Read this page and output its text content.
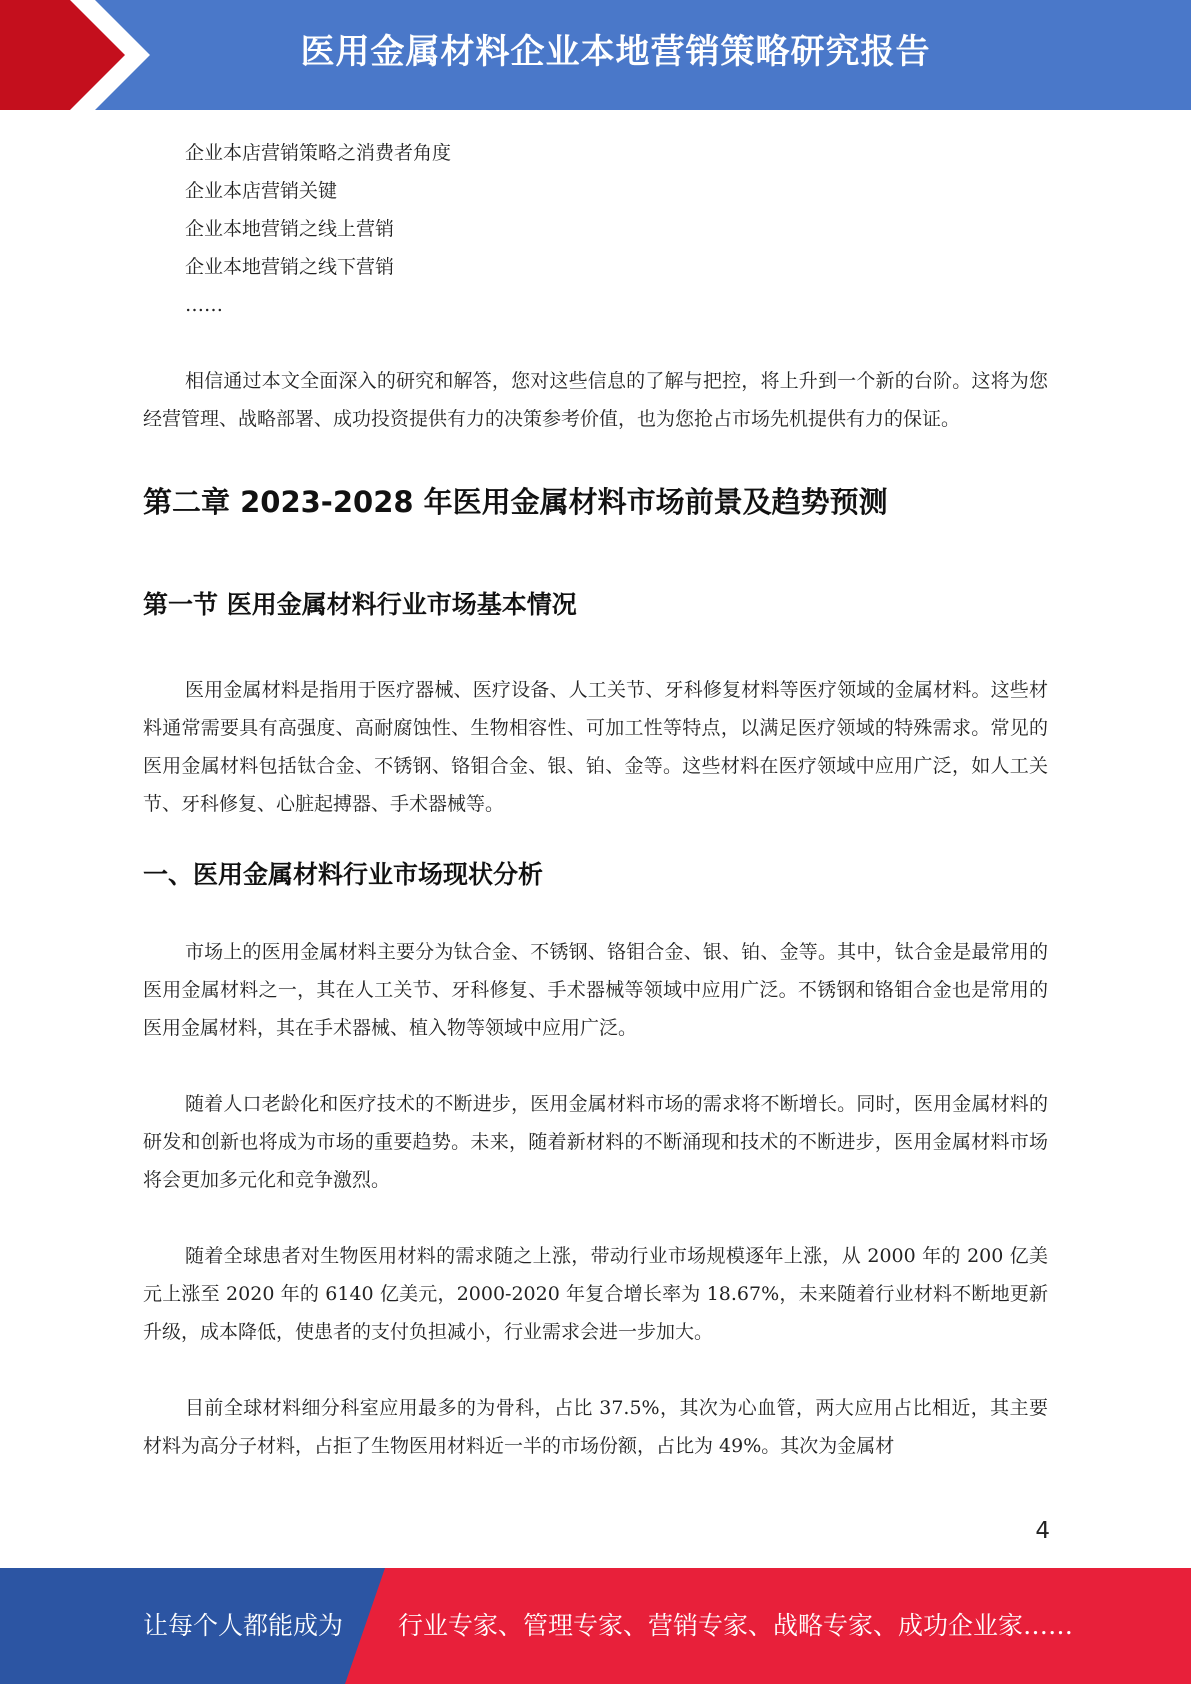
医用金属材料企业本地营销策略研究报告
企业本店营销策略之消费者角度
企业本店营销关键
企业本地营销之线上营销
企业本地营销之线下营销
……

相信通过本文全面深入的研究和解答，您对这些信息的了解与把控，将上升到一个新的台阶。这将为您经营管理、战略部署、成功投资提供有力的决策参考价值，也为您抢占市场先机提供有力的保证。

第二章 2023-2028 年医用金属材料市场前景及趋势预测
第一节 医用金属材料行业市场基本情况

医用金属材料是指用于医疗器械、医疗设备、人工关节、牙科修复材料等医疗领域的金属材料。这些材料通常需要具有高强度、高耐腐蚀性、生物相容性、可加工性等特点，以满足医疗领域的特殊需求。常见的医用金属材料包括钛合金、不锈钢、铬钼合金、银、铂、金等。这些材料在医疗领域中应用广泛，如人工关节、牙科修复、心脏起搏器、手术器械等。

一、医用金属材料行业市场现状分析

市场上的医用金属材料主要分为钛合金、不锈钢、铬钼合金、银、铂、金等。其中，钛合金是最常用的医用金属材料之一，其在人工关节、牙科修复、手术器械等领域中应用广泛。不锈钢和铬钼合金也是常用的医用金属材料，其在手术器械、植入物等领域中应用广泛。

随着人口老龄化和医疗技术的不断进步，医用金属材料市场的需求将不断增长。同时，医用金属材料的研发和创新也将成为市场的重要趋势。未来，随着新材料的不断涌现和技术的不断进步，医用金属材料市场将会更加多元化和竞争激烈。

随着全球患者对生物医用材料的需求随之上涨，带动行业市场规模逐年上涨，从 2000 年的 200 亿美元上涨至 2020 年的 6140 亿美元，2000-2020 年复合增长率为 18.67%，未来随着行业材料不断地更新升级，成本降低，使患者的支付负担减小，行业需求会进一步加大。

目前全球材料细分科室应用最多的为骨科，占比 37.5%，其次为心血管，两大应用占比相近，其主要材料为高分子材料，占拒了生物医用材料近一半的市场份额，占比为 49%。其次为金属材

4
让每个人都能成为 行业专家、管理专家、营销专家、战略专家、成功企业家……
